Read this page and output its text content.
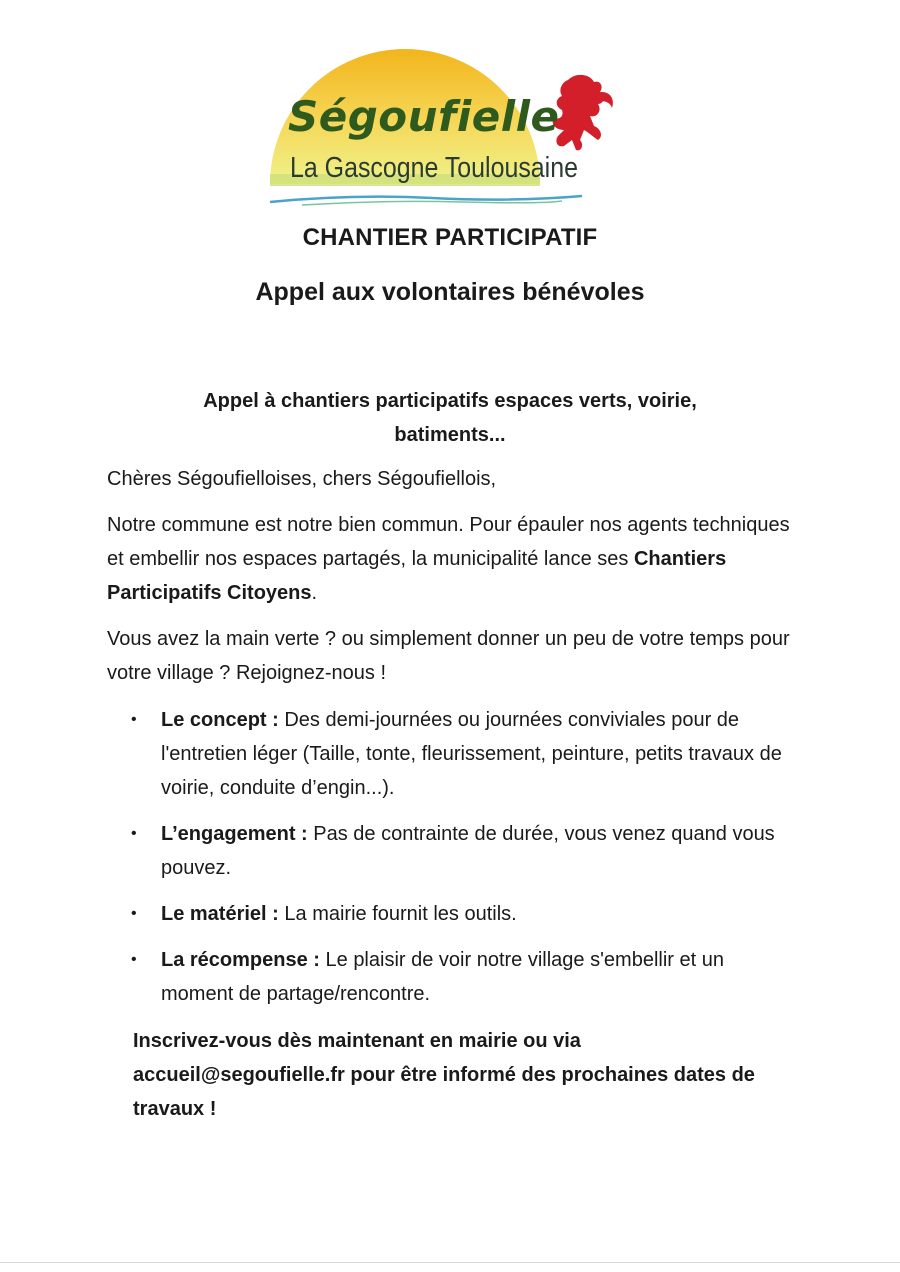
Ségoufielle
La Gascogne Toulousaine
CHANTIER PARTICIPATIF
Appel aux volontaires bénévoles

Appel à chantiers participatifs espaces verts, voirie, batiments...

Chères Ségoufielloises, chers Ségoufiellois,

Notre commune est notre bien commun. Pour épauler nos agents techniques et embellir nos espaces partagés, la municipalité lance ses Chantiers Participatifs Citoyens.

Vous avez la main verte ? ou simplement donner un peu de votre temps pour votre village ? Rejoignez-nous !

• Le concept : Des demi-journées ou journées conviviales pour de l'entretien léger (Taille, tonte, fleurissement, peinture, petits travaux de voirie, conduite d’engin...).
• L’engagement : Pas de contrainte de durée, vous venez quand vous pouvez.
• Le matériel : La mairie fournit les outils.
• La récompense : Le plaisir de voir notre village s'embellir et un moment de partage/rencontre.

Inscrivez-vous dès maintenant en mairie ou via accueil@segoufielle.fr pour être informé des prochaines dates de travaux !
